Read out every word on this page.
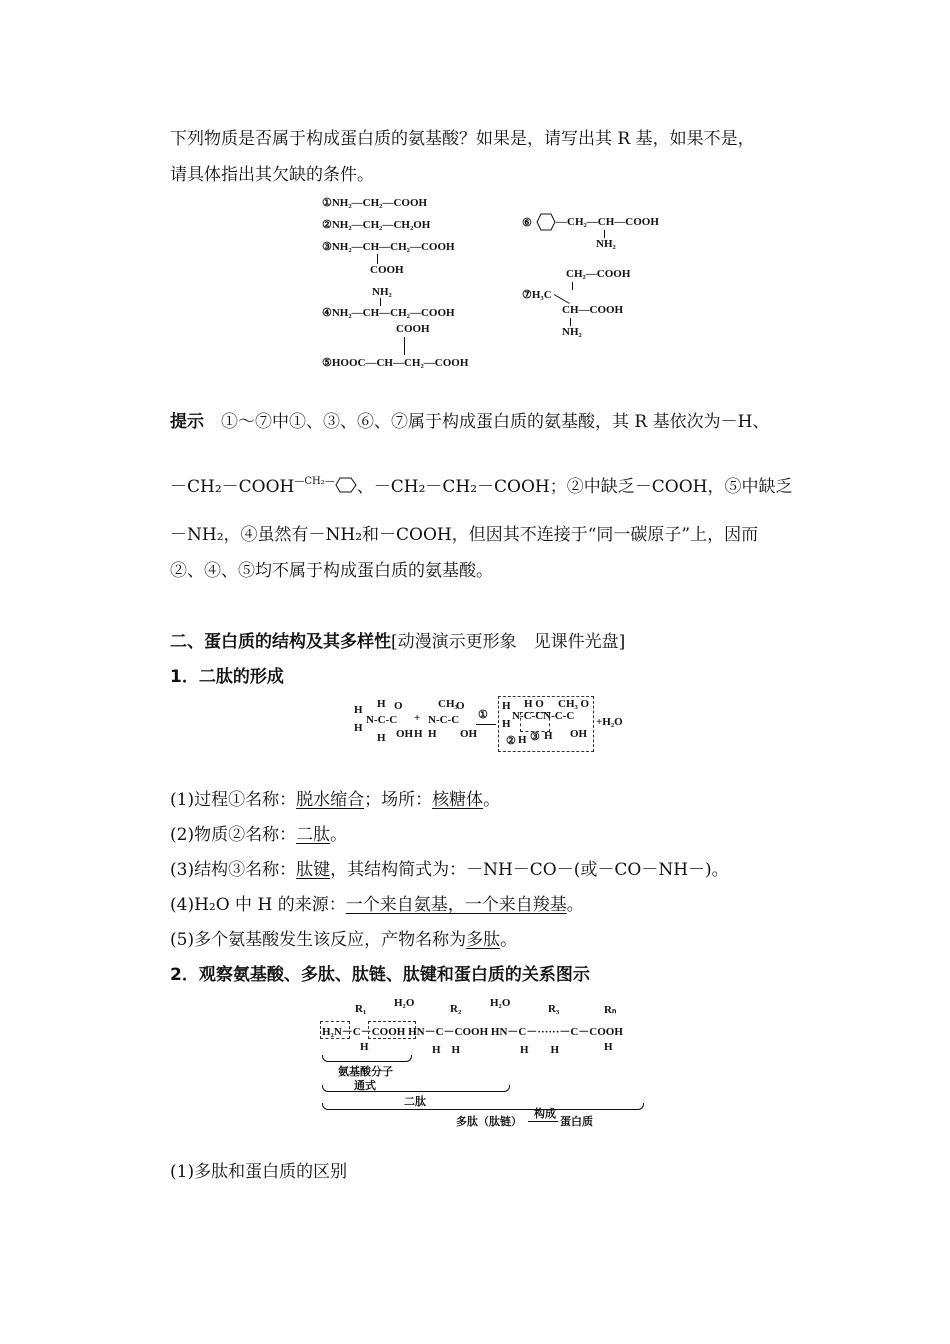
下列物质是否属于构成蛋白质的氨基酸？如果是，请写出其 R 基，如果不是，
请具体指出其欠缺的条件。
①NH₂—CH₂—COOH
②NH₂—CH₂—CH₂OH
③NH₂—CH—CH₂—COOH
COOH
NH₂
④NH₂—CH—CH₂—COOH
COOH
⑤HOOC—CH—CH₂—COOH
⑥ —CH₂—CH—COOH
NH₂
CH₂—COOH
⑦H₃C
CH—COOH
NH₂
提示　 ①～⑦中①、③、⑥、⑦属于构成蛋白质的氨基酸，其 R 基依次为－H、
$-CH_2-COOH^{—CH_2—}$ 、－CH₂－CH₂－COOH；②中缺乏－COOH，⑤中缺乏
－NH₂，④虽然有－NH₂和－COOH，但因其不连接于“同一碳原子”上，因而
②、④、⑤均不属于构成蛋白质的氨基酸。
二、蛋白质的结构及其多样性[动漫演示更形象　见课件光盘]
1．二肽的形成
H
H
N-C-C
H
H
O
OH
+
H
N-C-C
CH₃
H
O
OH
①
H
H
N-C-CN-C-C
H O CH₃ O
OH
② H ③ H
+H₂O
(1)过程①名称：脱水缩合；场所：核糖体。
(2)物质②名称：二肽。
(3)结构③名称：肽键，其结构简式为：－NH－CO－(或－CO－NH－)。
(4)H₂O 中 H 的来源：一个来自氨基，一个来自羧基。
(5)多个氨基酸发生该反应，产物名称为多肽。
2．观察氨基酸、多肽、肽链、肽键和蛋白质的关系图示
R₁	H₂O	R₂	H₂O	R₃	Rₙ
H₂N－C－COOH HN－C－COOH HN－C－······－C－COOH
H	H　H	H　　H	H
氨基酸分子
通式
二肽
多肽（肽链）
构成
蛋白质
(1)多肽和蛋白质的区别
